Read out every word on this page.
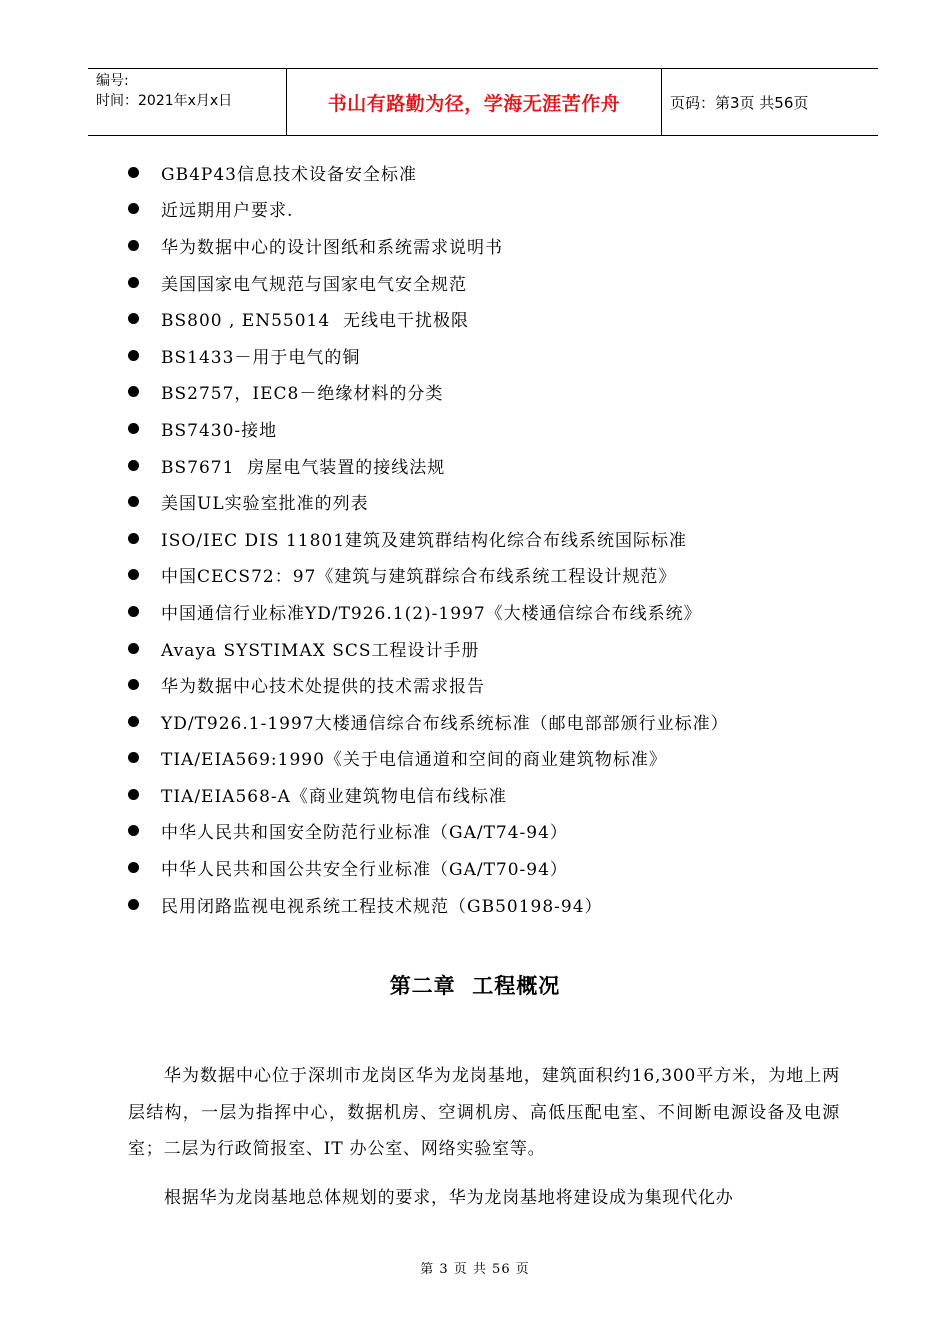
编号:
时间：2021年x月x日	书山有路勤为径，学海无涯苦作舟	页码：第3页 共56页
GB4P43信息技术设备安全标准
近远期用户要求.
华为数据中心的设计图纸和系统需求说明书
美国国家电气规范与国家电气安全规范
BS800 , EN55014  无线电干扰极限
BS1433－用于电气的铜
BS2757，IEC8－绝缘材料的分类
BS7430-接地
BS7671  房屋电气装置的接线法规
美国UL实验室批准的列表
ISO/IEC DIS 11801建筑及建筑群结构化综合布线系统国际标准
中国CECS72：97《建筑与建筑群综合布线系统工程设计规范》
中国通信行业标准YD/T926.1(2)-1997《大楼通信综合布线系统》
Avaya SYSTIMAX SCS工程设计手册
华为数据中心技术处提供的技术需求报告
YD/T926.1-1997大楼通信综合布线系统标准（邮电部部颁行业标准）
TIA/EIA569:1990《关于电信通道和空间的商业建筑物标准》
TIA/EIA568-A《商业建筑物电信布线标准
中华人民共和国安全防范行业标准（GA/T74-94）
中华人民共和国公共安全行业标准（GA/T70-94）
民用闭路监视电视系统工程技术规范（GB50198-94）
第二章  工程概况

华为数据中心位于深圳市龙岗区华为龙岗基地，建筑面积约16,300平方米，为地上两层结构，一层为指挥中心，数据机房、空调机房、高低压配电室、不间断电源设备及电源室；二层为行政简报室、IT 办公室、网络实验室等。

根据华为龙岗基地总体规划的要求，华为龙岗基地将建设成为集现代化办

第 3 页 共 56 页
